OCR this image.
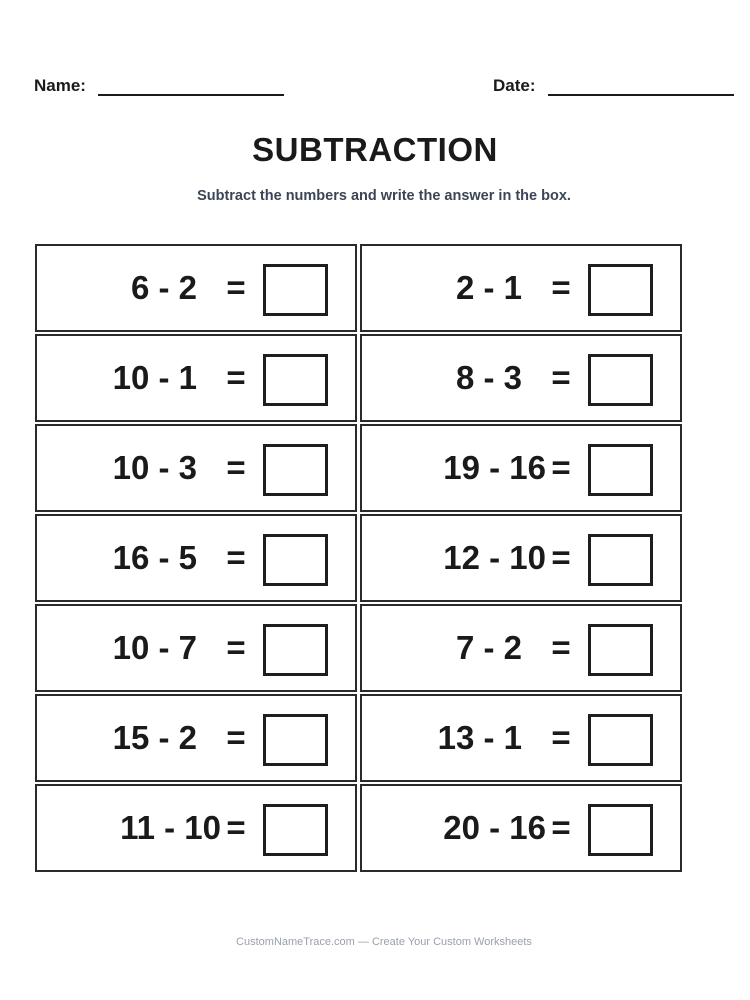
Name:	Date:
SUBTRACTION
Subtract the numbers and write the answer in the box.
6 - 2 =	2 - 1 =
10 - 1 =	8 - 3 =
10 - 3 =	19 - 16 =
16 - 5 =	12 - 10 =
10 - 7 =	7 - 2 =
15 - 2 =	13 - 1 =
11 - 10 =	20 - 16 =
CustomNameTrace.com — Create Your Custom Worksheets
